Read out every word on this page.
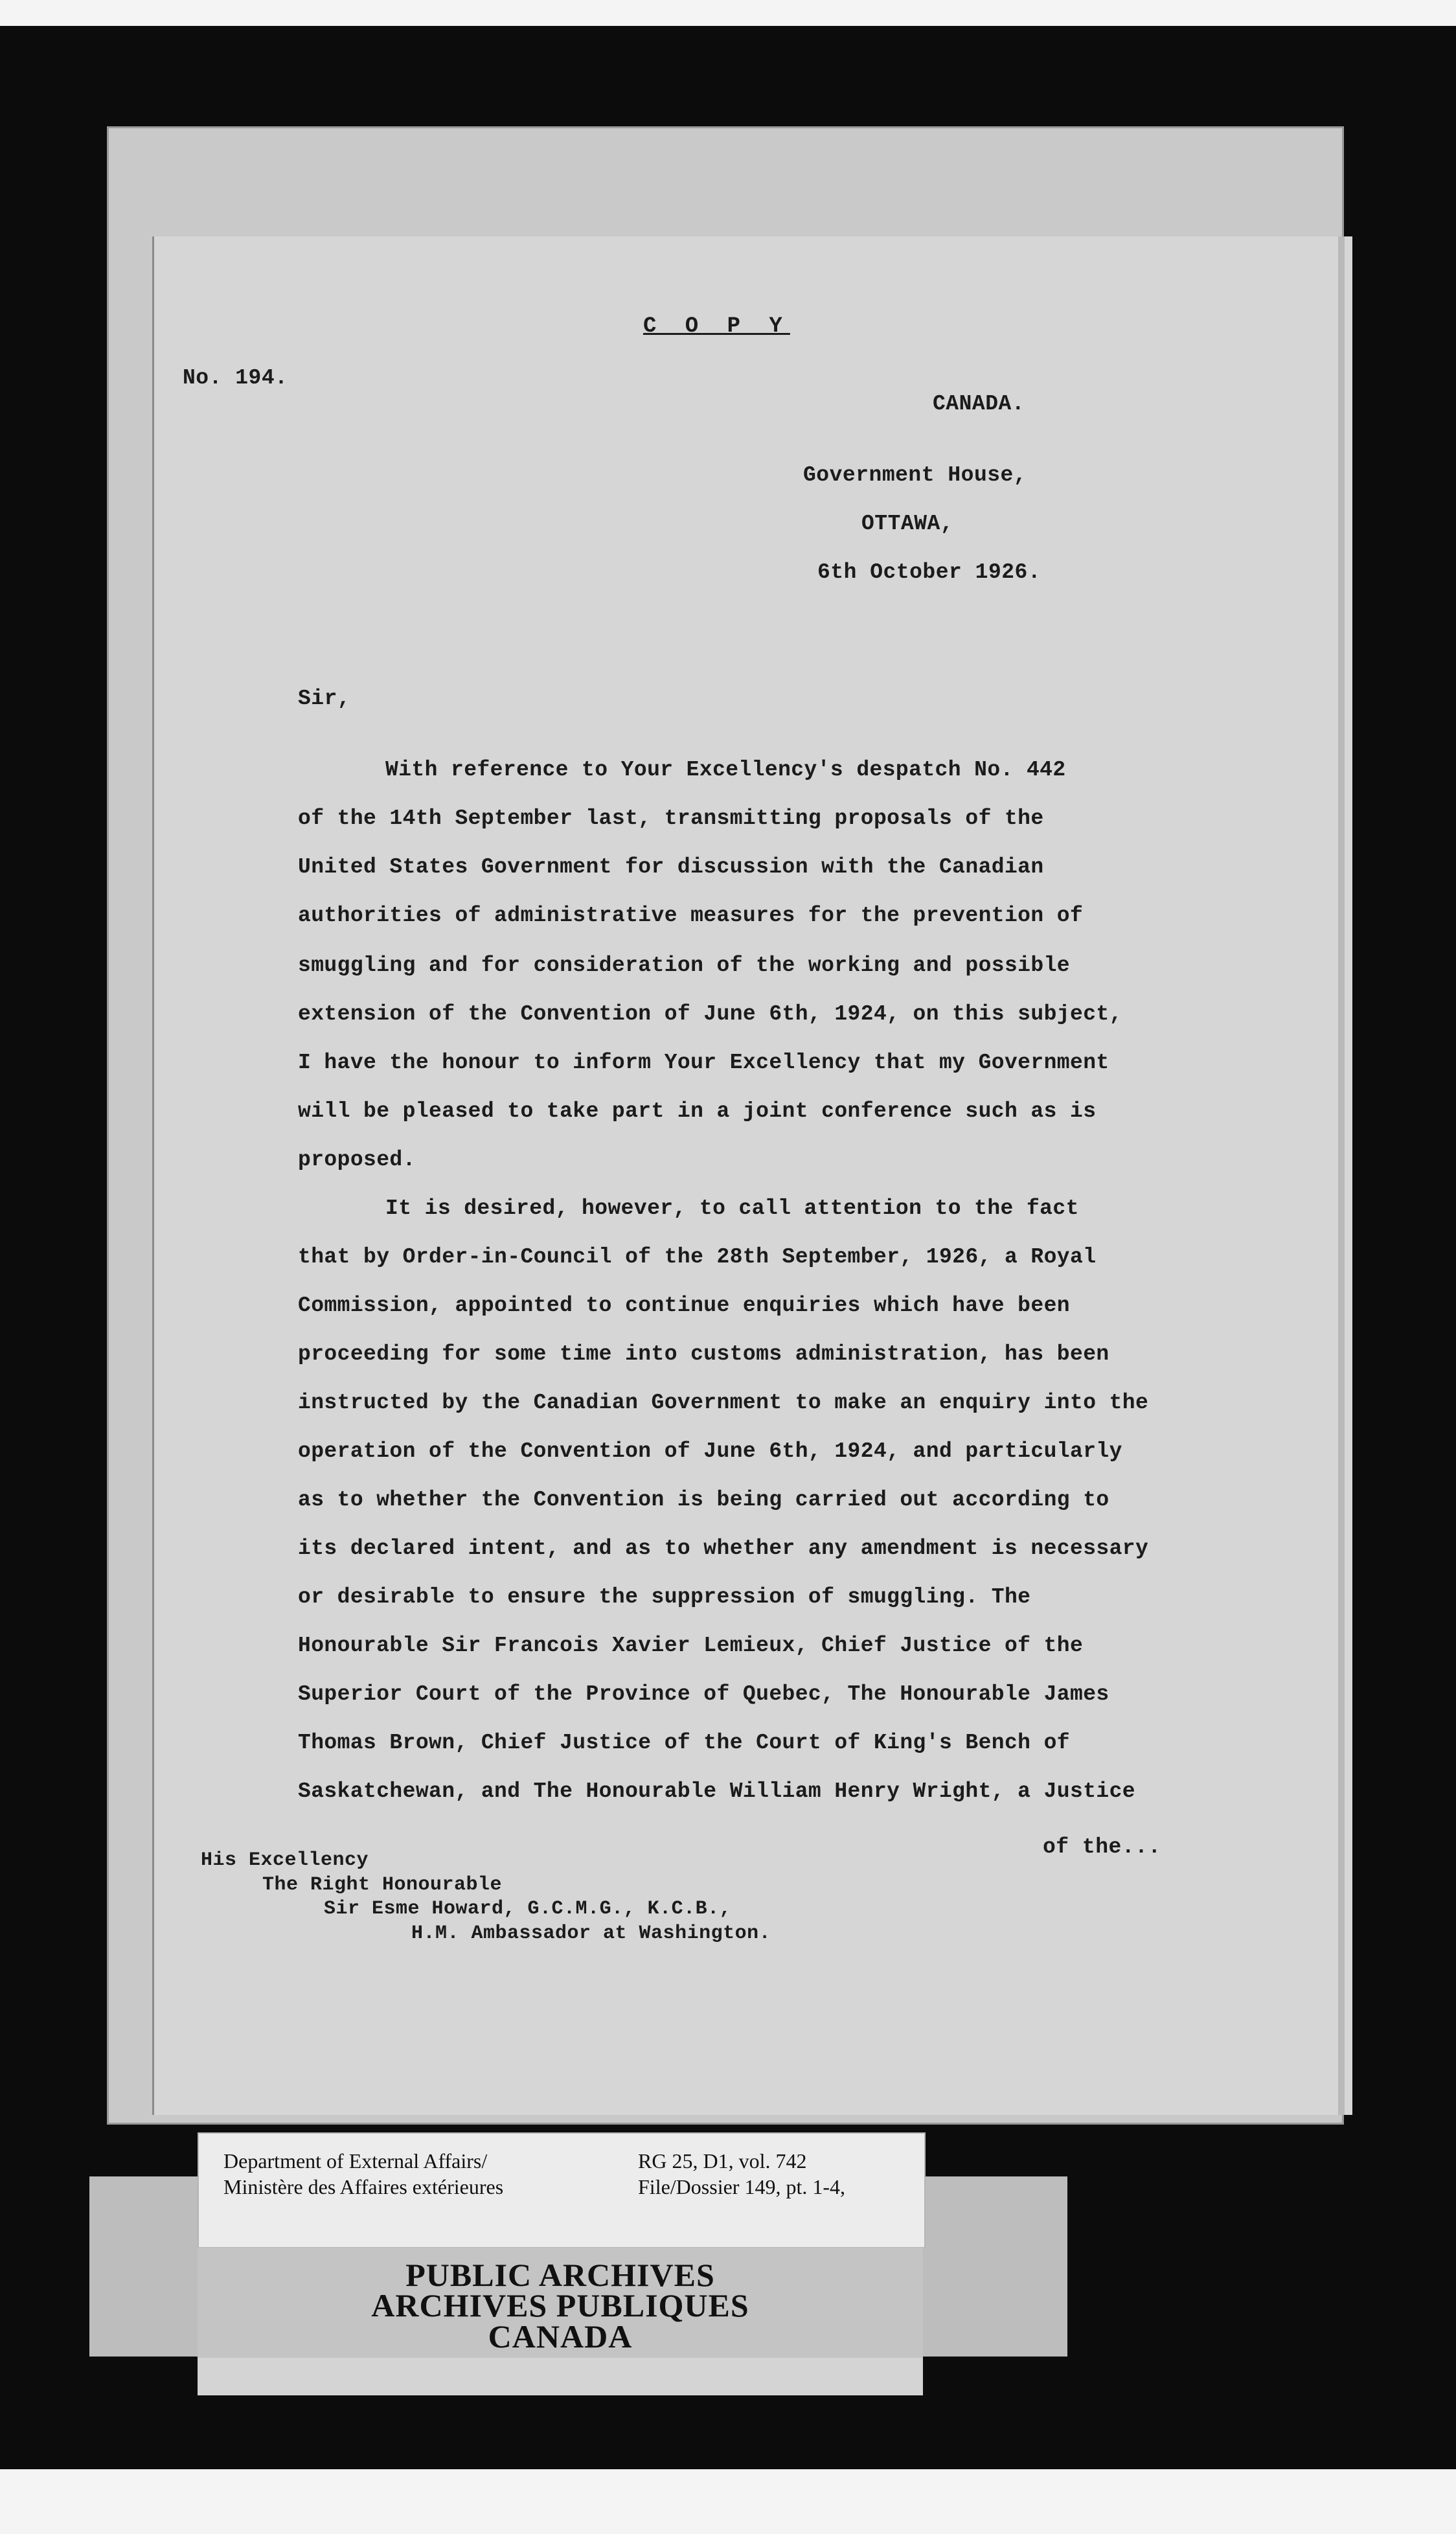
C O P Y
No. 194.
CANADA.
Government House,
OTTAWA,
6th October 1926.
Sir,
With reference to Your Excellency's despatch No. 442
of the 14th September last, transmitting proposals of the
United States Government for discussion with the Canadian
authorities of administrative measures for the prevention of
smuggling and for consideration of the working and possible
extension of the Convention of June 6th, 1924, on this subject,
I have the honour to inform Your Excellency that my Government
will be pleased to take part in a joint conference such as is
proposed.
It is desired, however, to call attention to the fact
that by Order-in-Council of the 28th September, 1926, a Royal
Commission, appointed to continue enquiries which have been
proceeding for some time into customs administration, has been
instructed by the Canadian Government to make an enquiry into the
operation of the Convention of June 6th, 1924, and particularly
as to whether the Convention is being carried out according to
its declared intent, and as to whether any amendment is necessary
or desirable to ensure the suppression of smuggling. The
Honourable Sir Francois Xavier Lemieux, Chief Justice of the
Superior Court of the Province of Quebec, The Honourable James
Thomas Brown, Chief Justice of the Court of King's Bench of
Saskatchewan, and The Honourable William Henry Wright, a Justice
of the...
His Excellency
The Right Honourable
Sir Esme Howard, G.C.M.G., K.C.B.,
H.M. Ambassador at Washington.
Department of External Affairs/
Ministère des Affaires extérieures
RG 25, D1, vol. 742
File/Dossier 149, pt. 1-4,
PUBLIC ARCHIVES
ARCHIVES PUBLIQUES
CANADA
